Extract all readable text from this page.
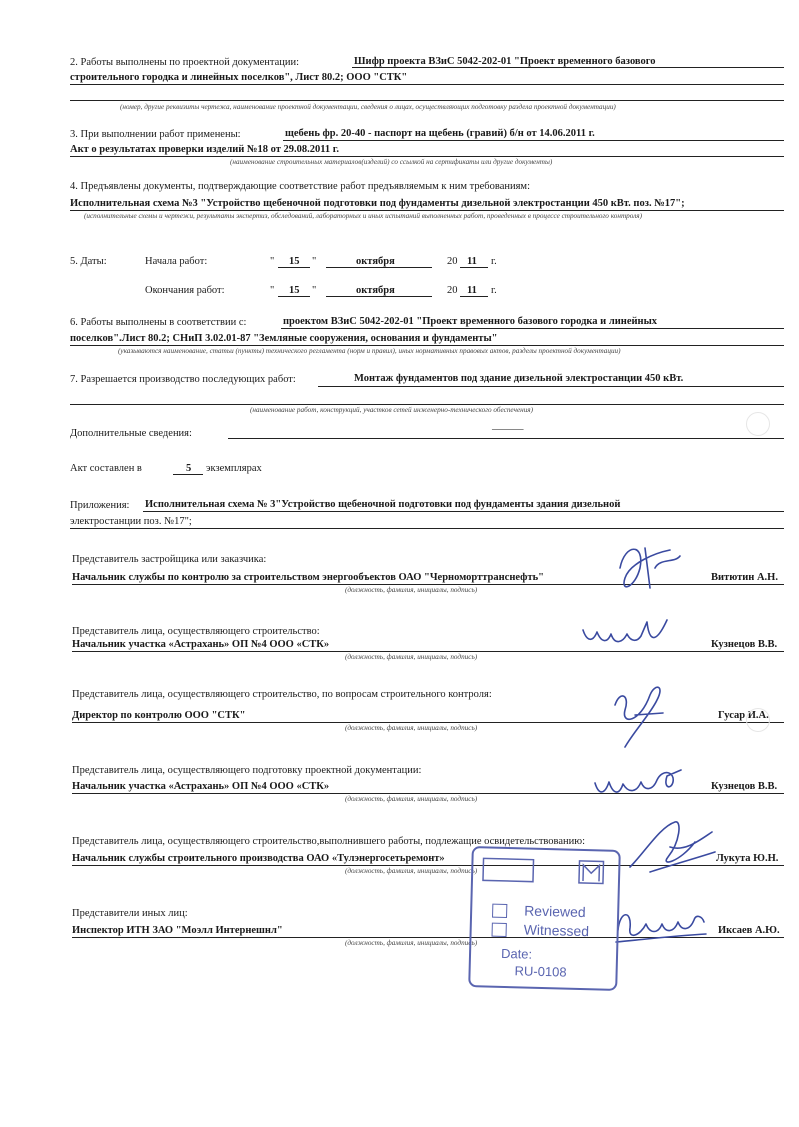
2. Работы выполнены по проектной документации:	Шифр проекта ВЗиС 5042-202-01 "Проект временного базового
строительного городка и линейных поселков", Лист 80.2; ООО "СТК"
(номер, другие реквизиты чертежа, наименование проектной документации, сведения о лицах, осуществляющих подготовку раздела проектной документации)
3. При выполнении работ применены:	щебень фр. 20-40 - паспорт на щебень (гравий) б/н от 14.06.2011 г.
Акт о результатах проверки изделий №18 от 29.08.2011 г.
(наименование строительных материалов(изделий) со ссылкой на сертификаты или другие документы)
4. Предъявлены документы, подтверждающие соответствие работ предъявляемым к ним требованиям:
Исполнительная схема №3 "Устройство щебеночной подготовки под фундаменты дизельной электростанции 450 кВт. поз. №17";
(исполнительные схемы и чертежи, результаты экспертиз, обследований, лабораторных и иных испытаний выполненных работ, проведенных в процессе строительного контроля)
5. Даты:	Начала работ:	" 15 "	октября	20 11 г.
Окончания работ:	" 15 "	октября	20 11 г.
6. Работы выполнены в соответствии с:	проектом ВЗиС 5042-202-01 "Проект временного базового городка и линейных
поселков".Лист 80.2; СНиП 3.02.01-87 "Земляные сооружения, основания и фундаменты"
(указываются наименование, статьи (пункты) технического регламента (норм и правил), иных нормативных правовых актов, разделы проектной документации)
7. Разрешается производство последующих работ:	Монтаж фундаментов под здание дизельной электростанции 450 кВт.
(наименование работ, конструкций, участков сетей инженерно-технического обеспечения)
Дополнительные сведения:	———
Акт составлен в	5 экземплярах
Приложения: Исполнительная схема № 3"Устройство щебеночной подготовки под фундаменты здания дизельной
электростанции поз. №17";
Представитель застройщика или заказчика:
Начальник службы по контролю за строительством энергообъектов ОАО "Черноморттранснефть"	Витютин А.Н.
(должность, фамилия, инициалы, подпись)
Представитель лица, осуществляющего строительство:
Начальник участка «Астрахань» ОП №4 ООО «СТК»	Кузнецов В.В.
(должность, фамилия, инициалы, подпись)
Представитель лица, осуществляющего строительство, по вопросам строительного контроля:
Директор по контролю ООО "СТК"	Гусар И.А.
(должность, фамилия, инициалы, подпись)
Представитель лица, осуществляющего подготовку проектной документации:
Начальник участка «Астрахань» ОП №4 ООО «СТК»	Кузнецов В.В.
(должность, фамилия, инициалы, подпись)
Представитель лица, осуществляющего строительство,выполнившего работы, подлежащие освидетельствованию:
Начальник службы строительного производства ОАО «Тулэнергосетьремонт»	Лукута Ю.Н.
(должность, фамилия, инициалы, подпись)
Представители иных лиц:
Инспектор ИТН ЗАО "Моэлл Интернешнл"	Иксаев А.Ю.
(должность, фамилия, инициалы, подпись)
Reviewed
Witnessed
Date:
RU-0108
